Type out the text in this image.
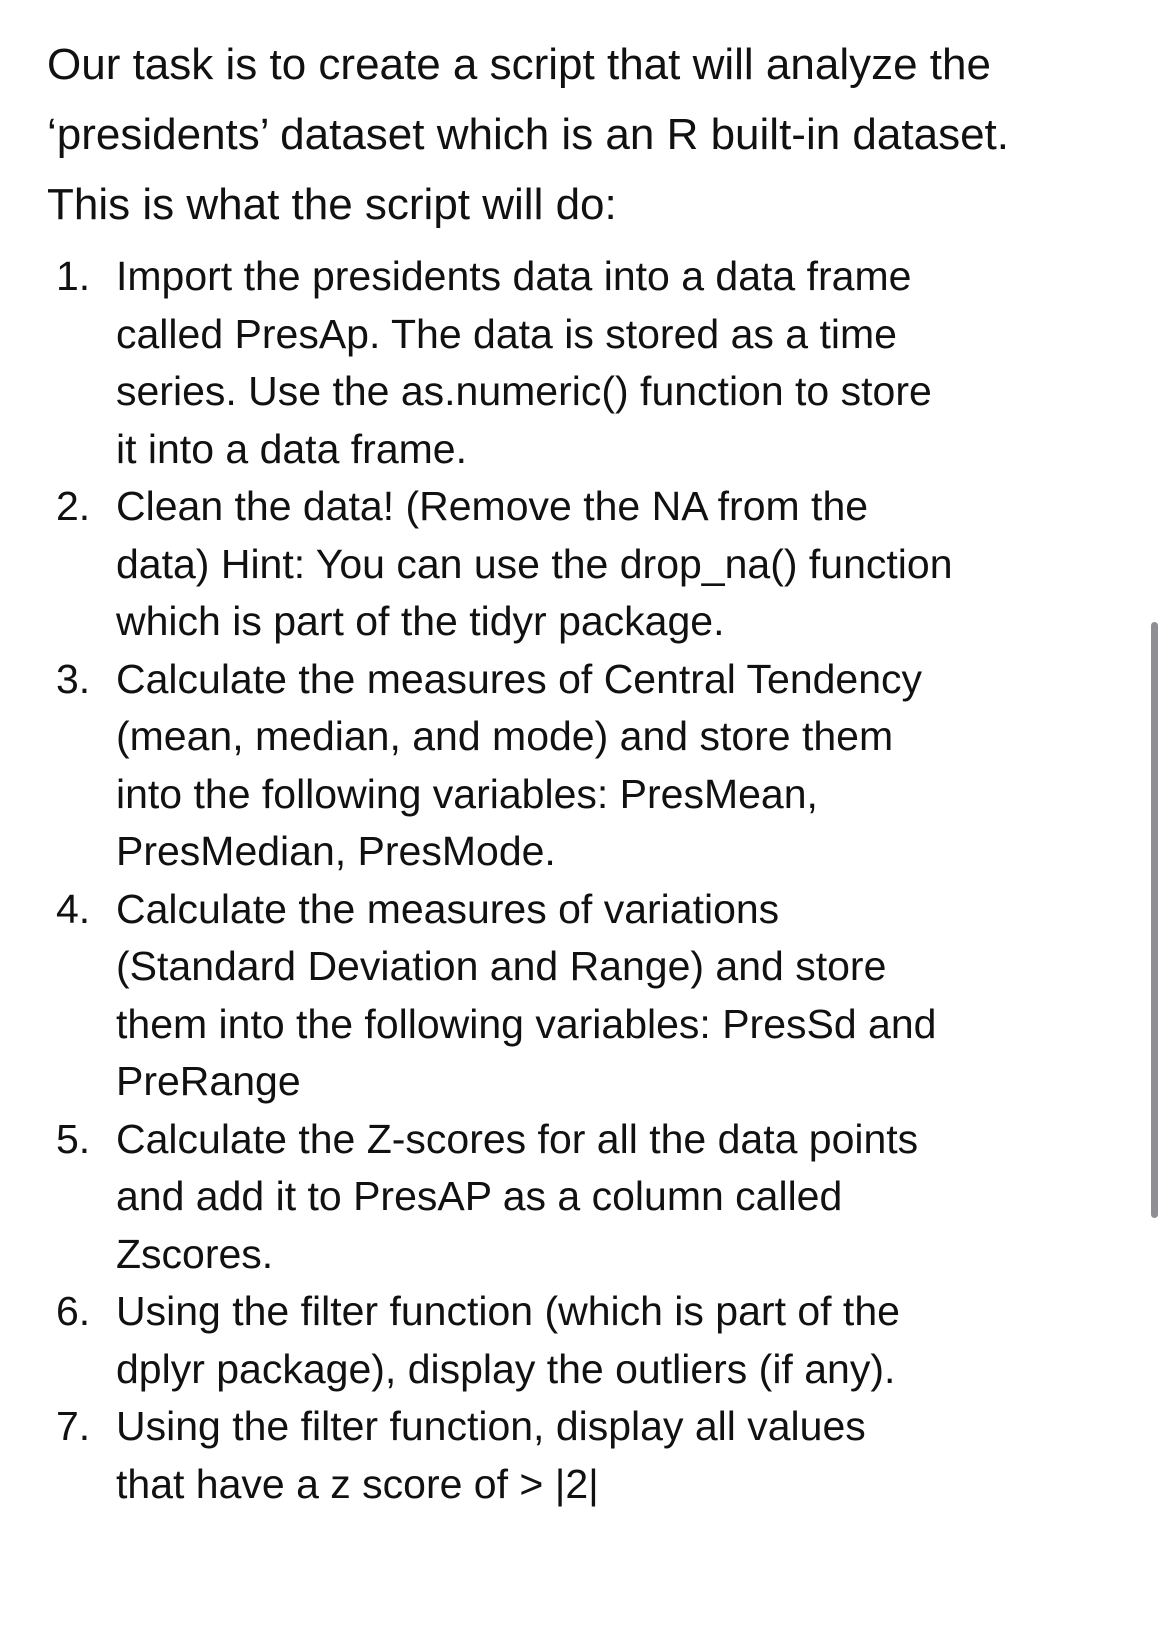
Our task is to create a script that will analyze the
‘presidents’ dataset which is an R built-in dataset.
This is what the script will do:

1. Import the presidents data into a data frame
called PresAp. The data is stored as a time
series. Use the as.numeric() function to store
it into a data frame.
2. Clean the data! (Remove the NA from the
data) Hint: You can use the drop_na() function
which is part of the tidyr package.
3. Calculate the measures of Central Tendency
(mean, median, and mode) and store them
into the following variables: PresMean,
PresMedian, PresMode.
4. Calculate the measures of variations
(Standard Deviation and Range) and store
them into the following variables: PresSd and
PreRange
5. Calculate the Z-scores for all the data points
and add it to PresAP as a column called
Zscores.
6. Using the filter function (which is part of the
dplyr package), display the outliers (if any).
7. Using the filter function, display all values
that have a z score of > |2|
